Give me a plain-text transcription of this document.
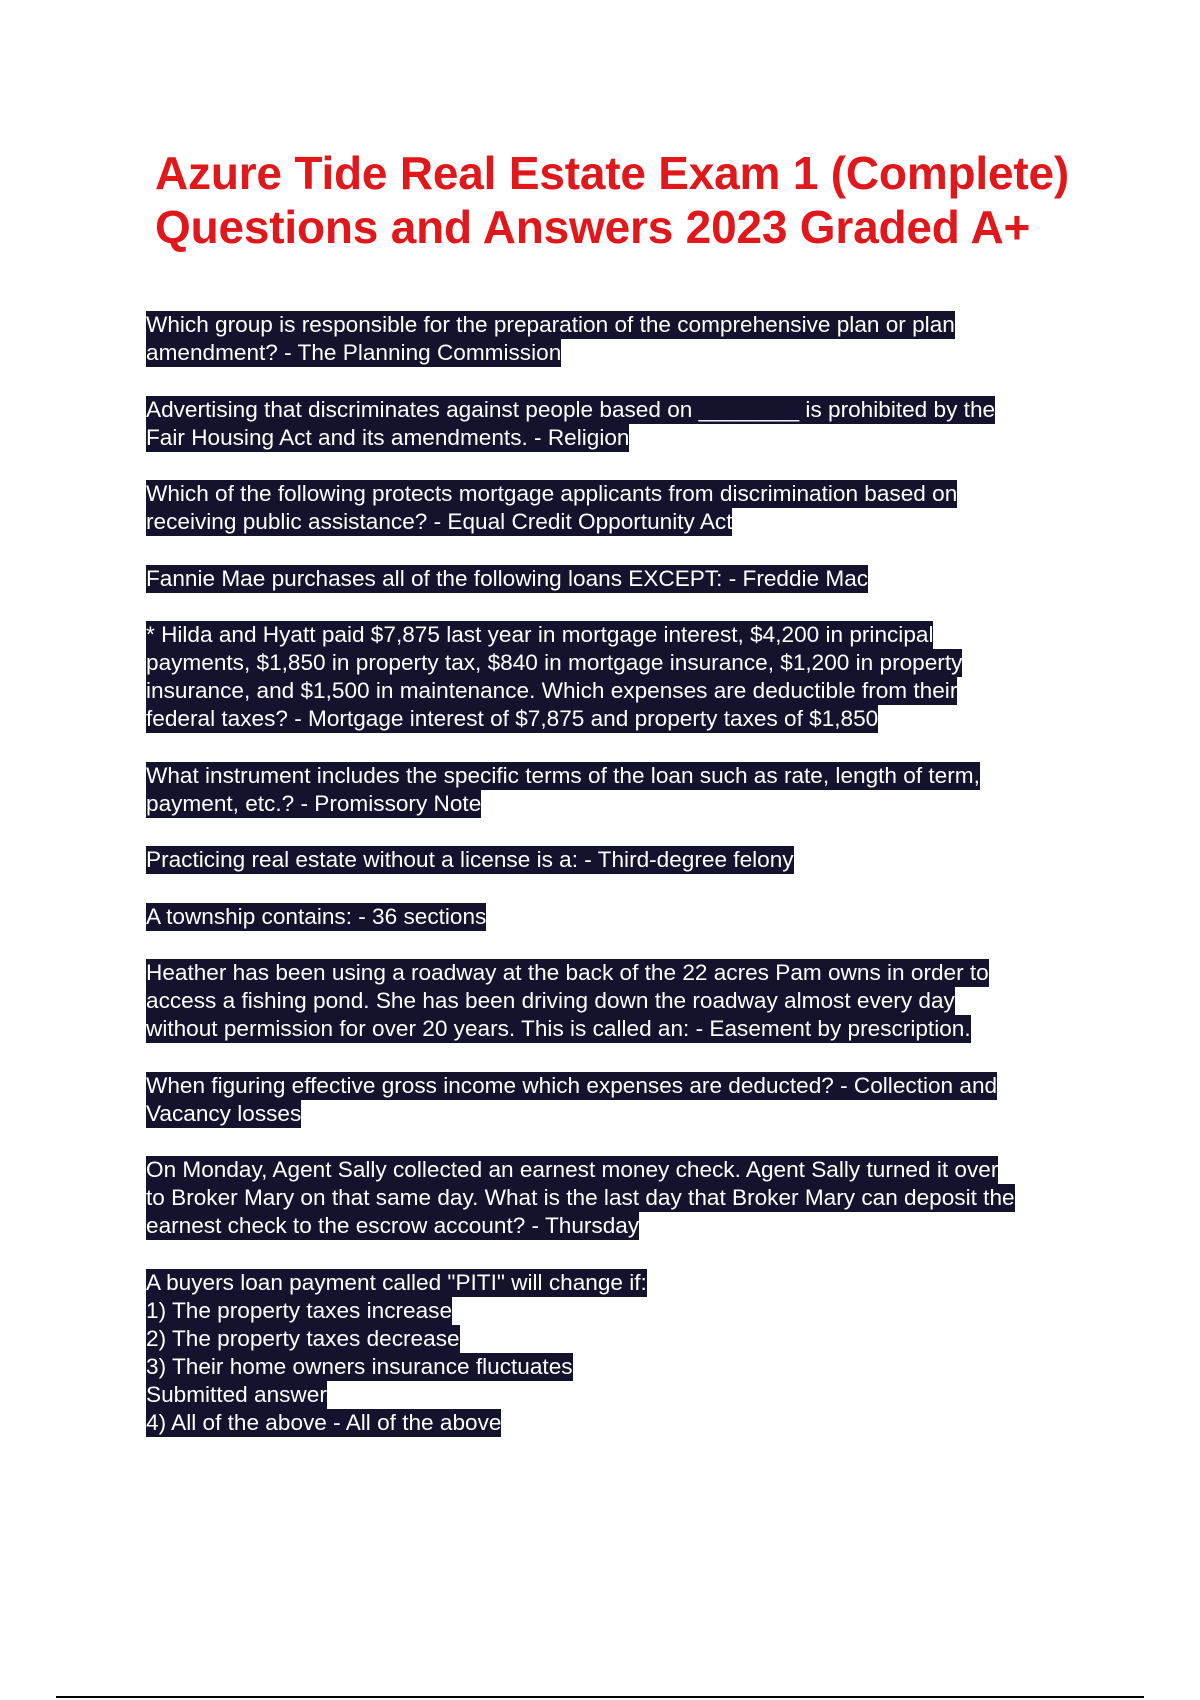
Azure Tide Real Estate Exam 1 (Complete)
Questions and Answers 2023 Graded A+

Which group is responsible for the preparation of the comprehensive plan or plan
amendment? - The Planning Commission

Advertising that discriminates against people based on ________ is prohibited by the
Fair Housing Act and its amendments. - Religion

Which of the following protects mortgage applicants from discrimination based on
receiving public assistance? - Equal Credit Opportunity Act

Fannie Mae purchases all of the following loans EXCEPT: - Freddie Mac

* Hilda and Hyatt paid $7,875 last year in mortgage interest, $4,200 in principal
payments, $1,850 in property tax, $840 in mortgage insurance, $1,200 in property
insurance, and $1,500 in maintenance. Which expenses are deductible from their
federal taxes? - Mortgage interest of $7,875 and property taxes of $1,850

What instrument includes the specific terms of the loan such as rate, length of term,
payment, etc.? - Promissory Note

Practicing real estate without a license is a: - Third-degree felony

A township contains: - 36 sections

Heather has been using a roadway at the back of the 22 acres Pam owns in order to
access a fishing pond. She has been driving down the roadway almost every day
without permission for over 20 years. This is called an: - Easement by prescription.

When figuring effective gross income which expenses are deducted? - Collection and
Vacancy losses

On Monday, Agent Sally collected an earnest money check. Agent Sally turned it over
to Broker Mary on that same day. What is the last day that Broker Mary can deposit the
earnest check to the escrow account? - Thursday

A buyers loan payment called "PITI" will change if:
1) The property taxes increase
2) The property taxes decrease
3) Their home owners insurance fluctuates
Submitted answer
4) All of the above - All of the above
